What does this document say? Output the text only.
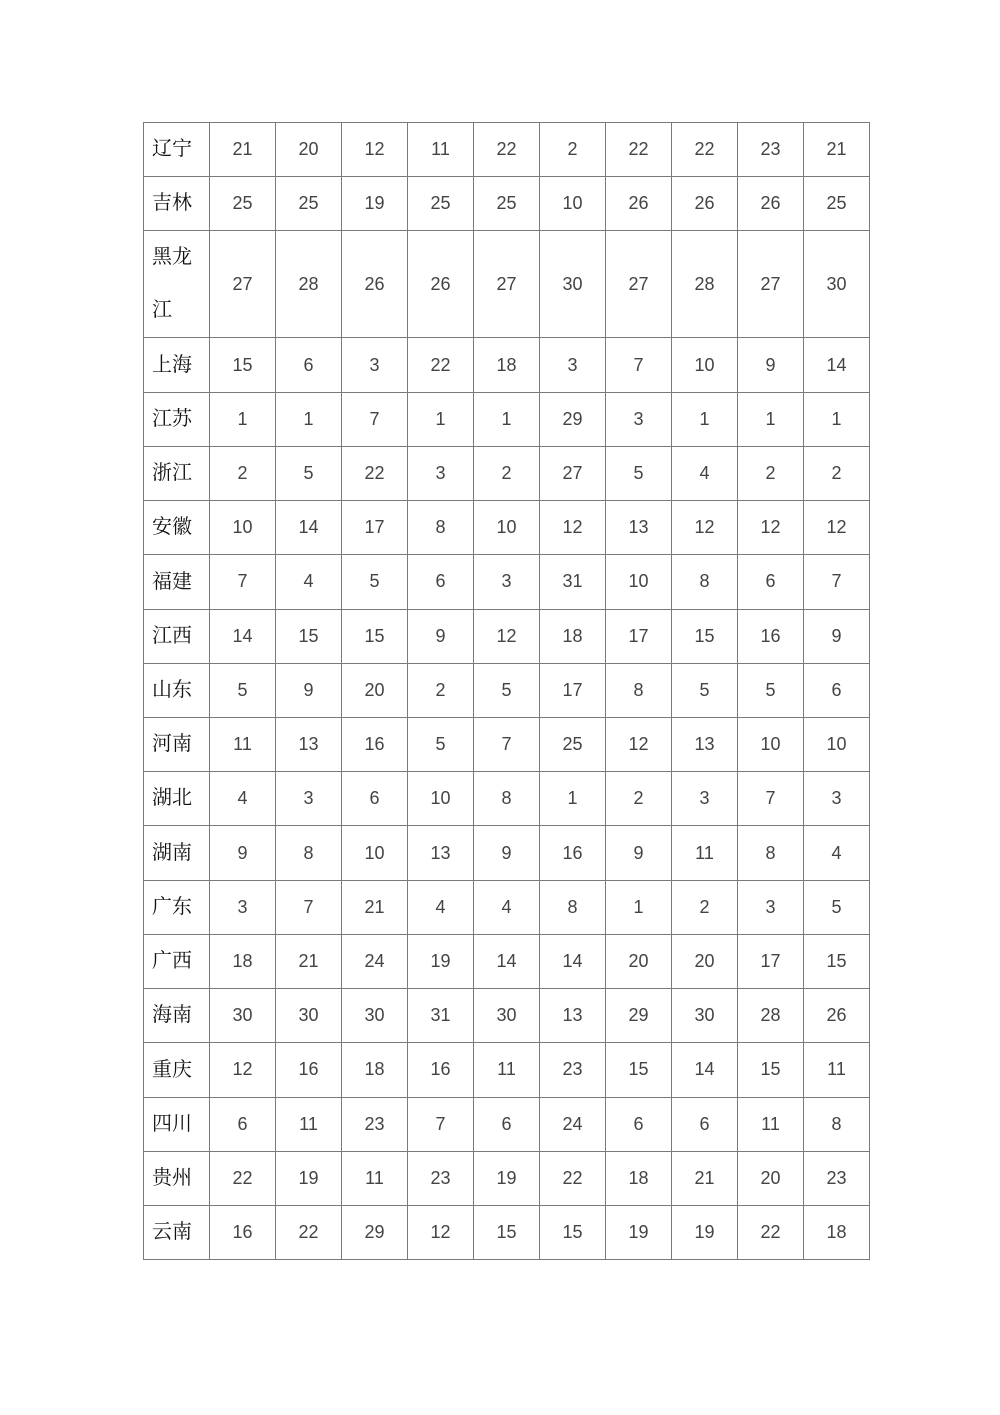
辽宁	21	20	12	11	22	2	22	22	23	21
吉林	25	25	19	25	25	10	26	26	26	25
黑龙江	27	28	26	26	27	30	27	28	27	30
上海	15	6	3	22	18	3	7	10	9	14
江苏	1	1	7	1	1	29	3	1	1	1
浙江	2	5	22	3	2	27	5	4	2	2
安徽	10	14	17	8	10	12	13	12	12	12
福建	7	4	5	6	3	31	10	8	6	7
江西	14	15	15	9	12	18	17	15	16	9
山东	5	9	20	2	5	17	8	5	5	6
河南	11	13	16	5	7	25	12	13	10	10
湖北	4	3	6	10	8	1	2	3	7	3
湖南	9	8	10	13	9	16	9	11	8	4
广东	3	7	21	4	4	8	1	2	3	5
广西	18	21	24	19	14	14	20	20	17	15
海南	30	30	30	31	30	13	29	30	28	26
重庆	12	16	18	16	11	23	15	14	15	11
四川	6	11	23	7	6	24	6	6	11	8
贵州	22	19	11	23	19	22	18	21	20	23
云南	16	22	29	12	15	15	19	19	22	18
